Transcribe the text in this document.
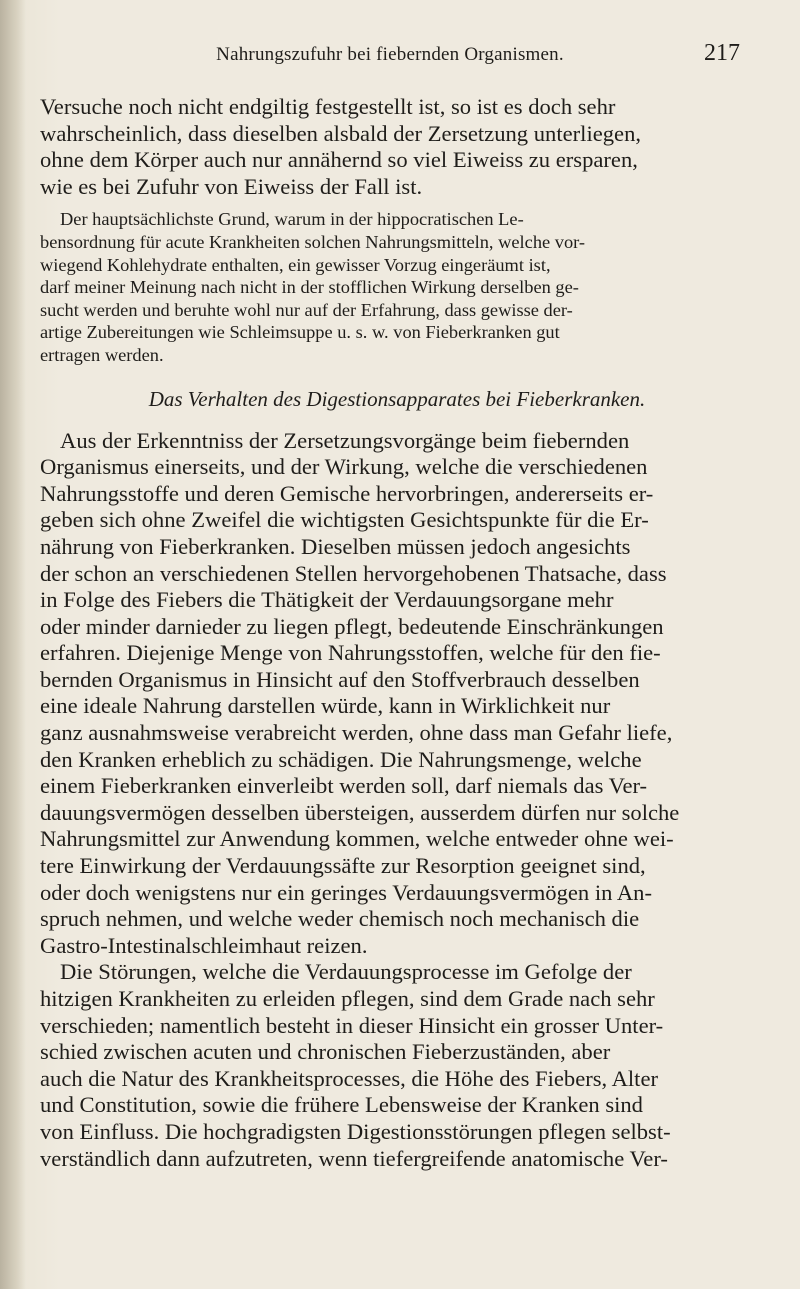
Nahrungszufuhr bei fiebernden Organismen.	217

Versuche noch nicht endgiltig festgestellt ist, so ist es doch sehr
wahrscheinlich, dass dieselben alsbald der Zersetzung unterliegen,
ohne dem Körper auch nur annähernd so viel Eiweiss zu ersparen,
wie es bei Zufuhr von Eiweiss der Fall ist.

Der hauptsächlichste Grund, warum in der hippocratischen Le-
bensordnung für acute Krankheiten solchen Nahrungsmitteln, welche vor-
wiegend Kohlehydrate enthalten, ein gewisser Vorzug eingeräumt ist,
darf meiner Meinung nach nicht in der stofflichen Wirkung derselben ge-
sucht werden und beruhte wohl nur auf der Erfahrung, dass gewisse der-
artige Zubereitungen wie Schleimsuppe u. s. w. von Fieberkranken gut
ertragen werden.

Das Verhalten des Digestionsapparates bei Fieberkranken.

Aus der Erkenntniss der Zersetzungsvorgänge beim fiebernden
Organismus einerseits, und der Wirkung, welche die verschiedenen
Nahrungsstoffe und deren Gemische hervorbringen, andererseits er-
geben sich ohne Zweifel die wichtigsten Gesichtspunkte für die Er-
nährung von Fieberkranken. Dieselben müssen jedoch angesichts
der schon an verschiedenen Stellen hervorgehobenen Thatsache, dass
in Folge des Fiebers die Thätigkeit der Verdauungsorgane mehr
oder minder darnieder zu liegen pflegt, bedeutende Einschränkungen
erfahren. Diejenige Menge von Nahrungsstoffen, welche für den fie-
bernden Organismus in Hinsicht auf den Stoffverbrauch desselben
eine ideale Nahrung darstellen würde, kann in Wirklichkeit nur
ganz ausnahmsweise verabreicht werden, ohne dass man Gefahr liefe,
den Kranken erheblich zu schädigen. Die Nahrungsmenge, welche
einem Fieberkranken einverleibt werden soll, darf niemals das Ver-
dauungsvermögen desselben übersteigen, ausserdem dürfen nur solche
Nahrungsmittel zur Anwendung kommen, welche entweder ohne wei-
tere Einwirkung der Verdauungssäfte zur Resorption geeignet sind,
oder doch wenigstens nur ein geringes Verdauungsvermögen in An-
spruch nehmen, und welche weder chemisch noch mechanisch die
Gastro-Intestinalschleimhaut reizen.

Die Störungen, welche die Verdauungsprocesse im Gefolge der
hitzigen Krankheiten zu erleiden pflegen, sind dem Grade nach sehr
verschieden; namentlich besteht in dieser Hinsicht ein grosser Unter-
schied zwischen acuten und chronischen Fieberzuständen, aber
auch die Natur des Krankheitsprocesses, die Höhe des Fiebers, Alter
und Constitution, sowie die frühere Lebensweise der Kranken sind
von Einfluss. Die hochgradigsten Digestionsstörungen pflegen selbst-
verständlich dann aufzutreten, wenn tiefergreifende anatomische Ver-
